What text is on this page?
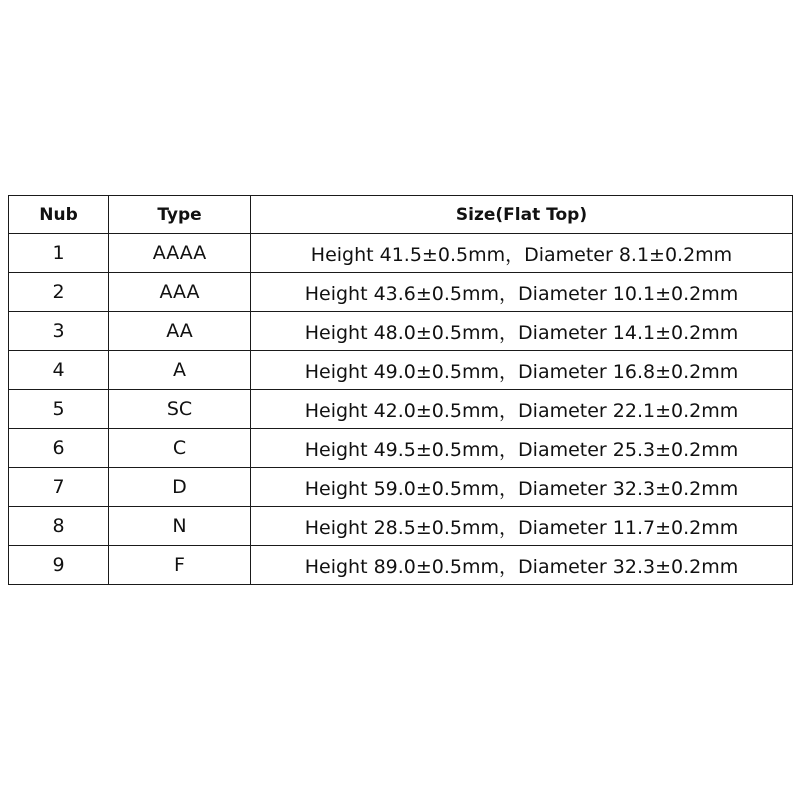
Nub	Type	Size(Flat Top)
1	AAAA	Height 41.5±0.5mm，Diameter 8.1±0.2mm
2	AAA	Height 43.6±0.5mm，Diameter 10.1±0.2mm
3	AA	Height 48.0±0.5mm，Diameter 14.1±0.2mm
4	A	Height 49.0±0.5mm，Diameter 16.8±0.2mm
5	SC	Height 42.0±0.5mm，Diameter 22.1±0.2mm
6	C	Height 49.5±0.5mm，Diameter 25.3±0.2mm
7	D	Height 59.0±0.5mm，Diameter 32.3±0.2mm
8	N	Height 28.5±0.5mm，Diameter 11.7±0.2mm
9	F	Height 89.0±0.5mm，Diameter 32.3±0.2mm
